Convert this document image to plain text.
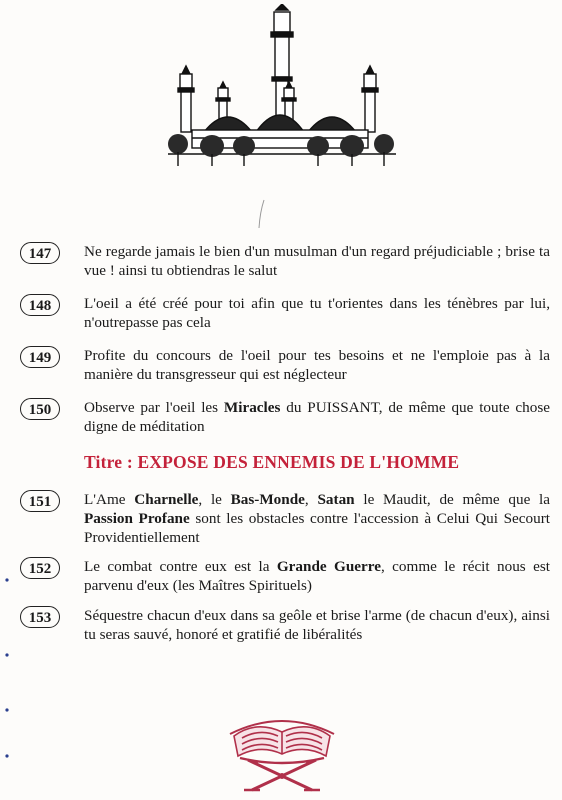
147	Ne regarde jamais le bien d'un musulman d'un regard préjudiciable ; brise ta vue ! ainsi tu obtiendras le salut
148	L'oeil a été créé pour toi afin que tu t'orientes dans les ténèbres par lui, n'outrepasse pas cela
149	Profite du concours de l'oeil pour tes besoins et ne l'emploie pas à la manière du transgresseur qui est néglecteur
150	Observe par l'oeil les Miracles du PUISSANT, de même que toute chose digne de méditation
Titre : EXPOSE DES ENNEMIS DE L'HOMME
151	L'Ame Charnelle, le Bas-Monde, Satan le Maudit, de même que la Passion Profane sont les obstacles contre l'accession à Celui Qui Secourt Providentiellement
152	Le combat contre eux est la Grande Guerre, comme le récit nous est parvenu d'eux (les Maîtres Spirituels)
153	Séquestre chacun d'eux dans sa geôle et brise l'arme (de chacun d'eux), ainsi tu seras sauvé, honoré et gratifié de libéralités
